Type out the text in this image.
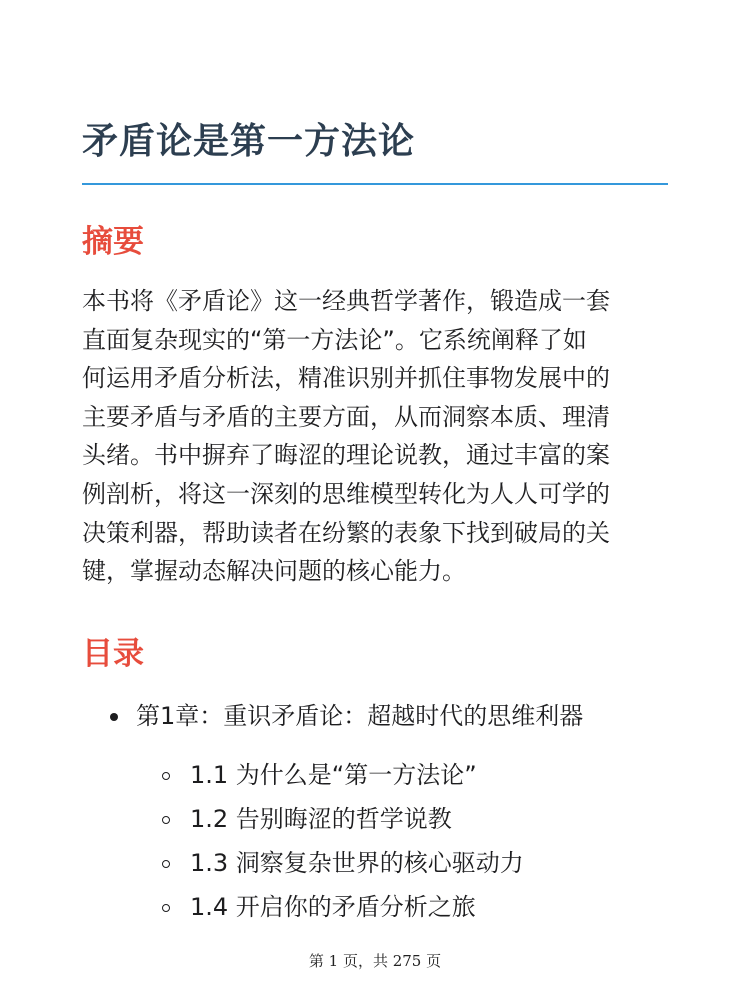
矛盾论是第一方法论
摘要

本书将《矛盾论》这一经典哲学著作，锻造成一套
直面复杂现实的“第一方法论”。它系统阐释了如
何运用矛盾分析法，精准识别并抓住事物发展中的
主要矛盾与矛盾的主要方面，从而洞察本质、理清
头绪。书中摒弃了晦涩的理论说教，通过丰富的案
例剖析，将这一深刻的思维模型转化为人人可学的
决策利器，帮助读者在纷繁的表象下找到破局的关
键，掌握动态解决问题的核心能力。

目录
第1章：重识矛盾论：超越时代的思维利器
1.1 为什么是“第一方法论”
1.2 告别晦涩的哲学说教
1.3 洞察复杂世界的核心驱动力
1.4 开启你的矛盾分析之旅
第 1 页，共 275 页
